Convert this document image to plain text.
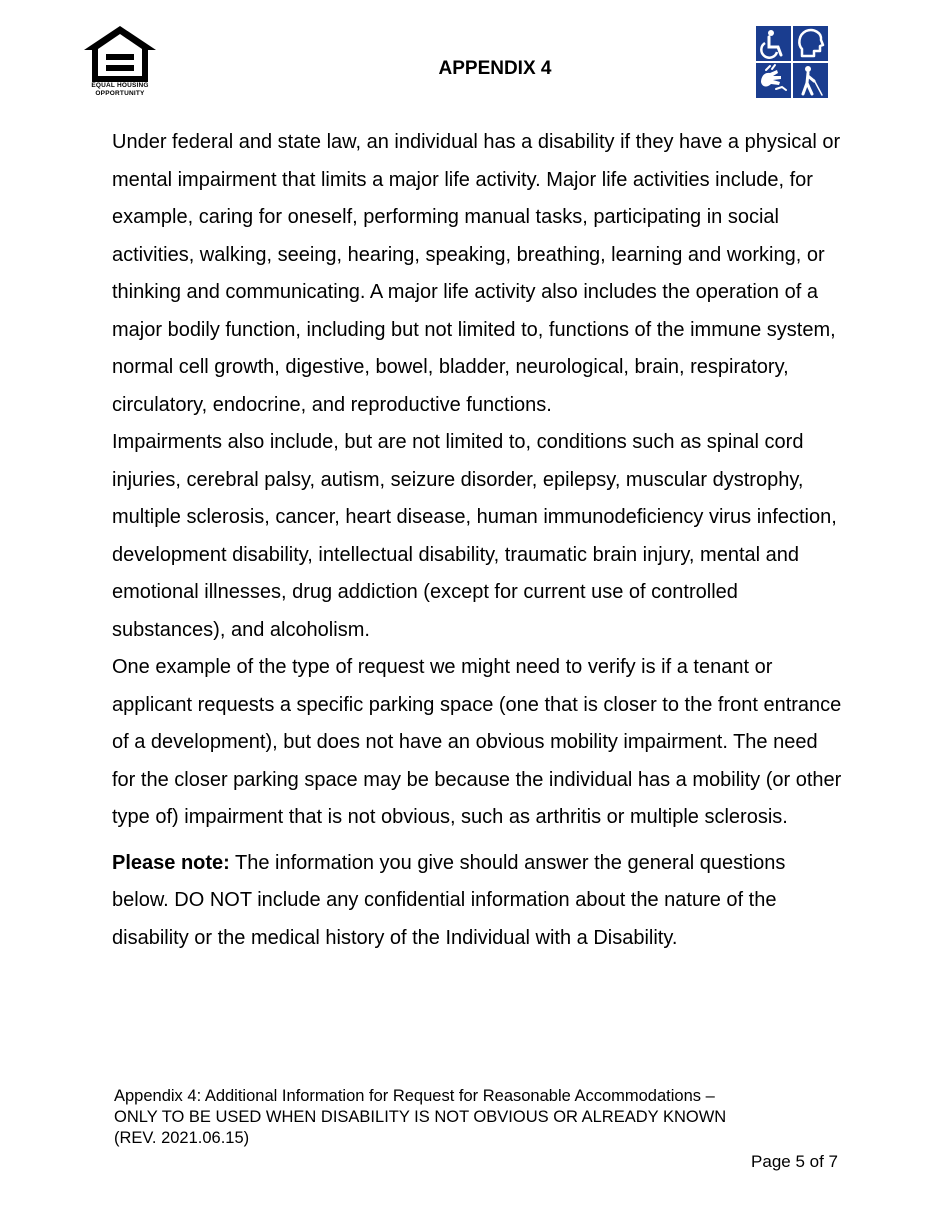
EQUAL HOUSING
OPPORTUNITY
APPENDIX 4

Under federal and state law, an individual has a disability if they have a physical or mental impairment that limits a major life activity. Major life activities include, for example, caring for oneself, performing manual tasks, participating in social activities, walking, seeing, hearing, speaking, breathing, learning and working, or thinking and communicating. A major life activity also includes the operation of a major bodily function, including but not limited to, functions of the immune system, normal cell growth, digestive, bowel, bladder, neurological, brain, respiratory, circulatory, endocrine, and reproductive functions.

Impairments also include, but are not limited to, conditions such as spinal cord injuries, cerebral palsy, autism, seizure disorder, epilepsy, muscular dystrophy, multiple sclerosis, cancer, heart disease, human immunodeficiency virus infection, development disability, intellectual disability, traumatic brain injury, mental and emotional illnesses, drug addiction (except for current use of controlled substances), and alcoholism.

One example of the type of request we might need to verify is if a tenant or applicant requests a specific parking space (one that is closer to the front entrance of a development), but does not have an obvious mobility impairment. The need for the closer parking space may be because the individual has a mobility (or other type of) impairment that is not obvious, such as arthritis or multiple sclerosis.

Please note: The information you give should answer the general questions below. DO NOT include any confidential information about the nature of the disability or the medical history of the Individual with a Disability.

Appendix 4: Additional Information for Request for Reasonable Accommodations –
ONLY TO BE USED WHEN DISABILITY IS NOT OBVIOUS OR ALREADY KNOWN
(REV. 2021.06.15)
Page 5 of 7
